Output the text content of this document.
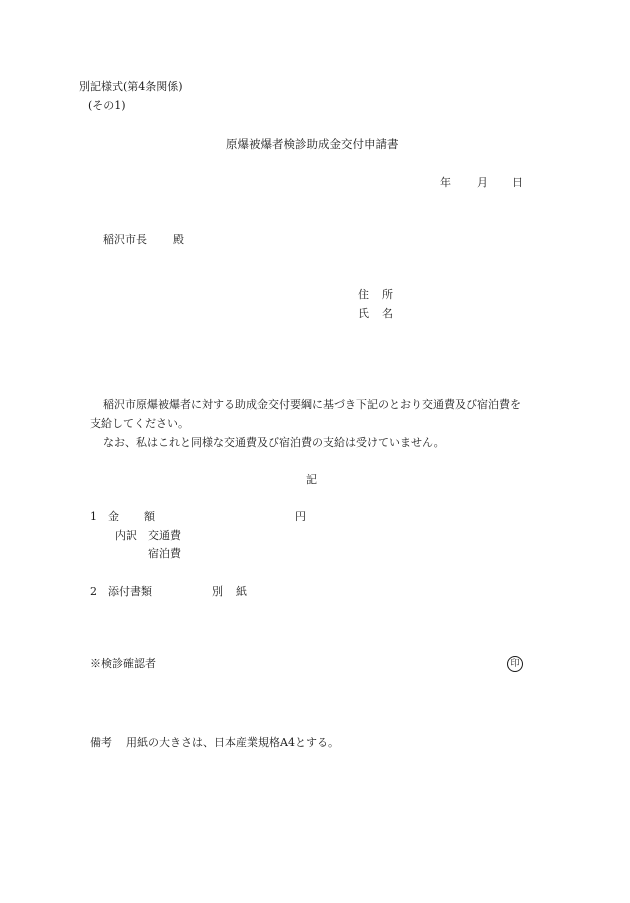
別記様式(第4条関係)
(その1)
原爆被爆者検診助成金交付申請書
年 月 日
稲沢市長 殿
住 所
氏 名
稲沢市原爆被爆者に対する助成金交付要綱に基づき下記のとおり交通費及び宿泊費を
支給してください。
なお、私はこれと同様な交通費及び宿泊費の支給は受けていません。
記
1 金 額	円
内訳 交通費
宿泊費
2 添付書類	別 紙
※検診確認者	印
備考 用紙の大きさは、日本産業規格A4とする。
